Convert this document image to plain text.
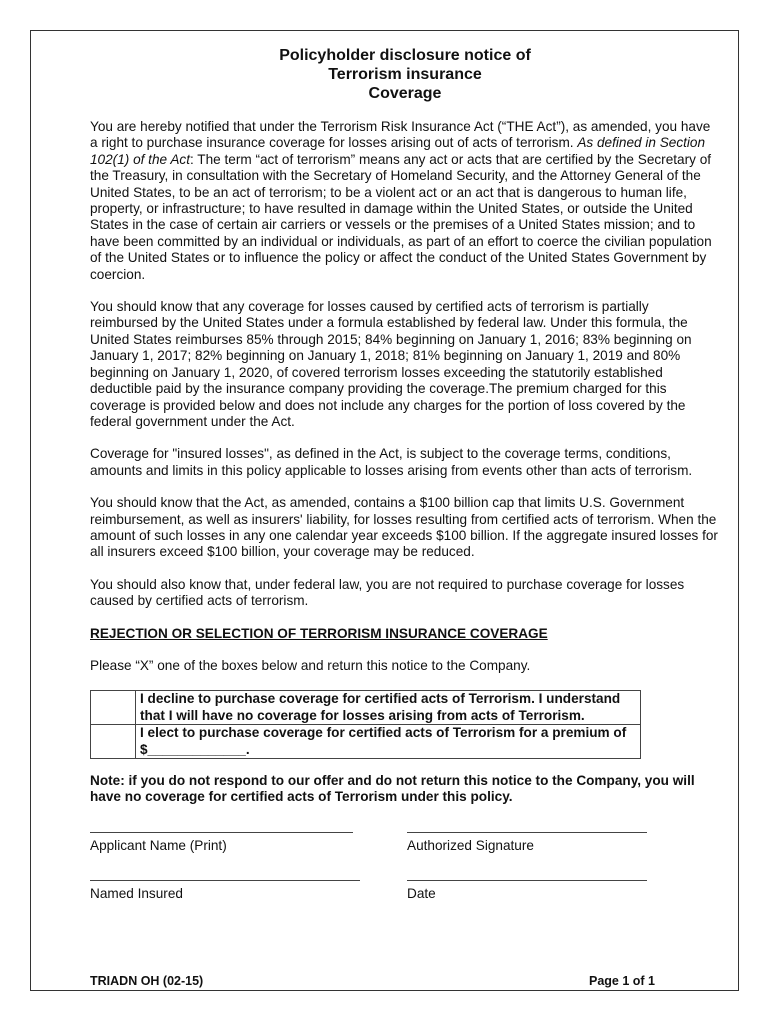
Policyholder disclosure notice of
Terrorism insurance
Coverage

You are hereby notified that under the Terrorism Risk Insurance Act (“THE Act”), as amended, you have a right to purchase insurance coverage for losses arising out of acts of terrorism. As defined in Section 102(1) of the Act: The term “act of terrorism” means any act or acts that are certified by the Secretary of the Treasury, in consultation with the Secretary of Homeland Security, and the Attorney General of the United States, to be an act of terrorism; to be a violent act or an act that is dangerous to human life, property, or infrastructure; to have resulted in damage within the United States, or outside the United States in the case of certain air carriers or vessels or the premises of a United States mission; and to have been committed by an individual or individuals, as part of an effort to coerce the civilian population of the United States or to influence the policy or affect the conduct of the United States Government by coercion.

You should know that any coverage for losses caused by certified acts of terrorism is partially reimbursed by the United States under a formula established by federal law. Under this formula, the United States reimburses 85% through 2015; 84% beginning on January 1, 2016; 83% beginning on January 1, 2017; 82% beginning on January 1, 2018; 81% beginning on January 1, 2019 and 80% beginning on January 1, 2020, of covered terrorism losses exceeding the statutorily established deductible paid by the insurance company providing the coverage.The premium charged for this coverage is provided below and does not include any charges for the portion of loss covered by the federal government under the Act.

Coverage for "insured losses", as defined in the Act, is subject to the coverage terms, conditions, amounts and limits in this policy applicable to losses arising from events other than acts of terrorism.

You should know that the Act, as amended, contains a $100 billion cap that limits U.S. Government reimbursement, as well as insurers' liability, for losses resulting from certified acts of terrorism. When the amount of such losses in any one calendar year exceeds $100 billion. If the aggregate insured losses for all insurers exceed $100 billion, your coverage may be reduced.

You should also know that, under federal law, you are not required to purchase coverage for losses caused by certified acts of terrorism.

REJECTION OR SELECTION OF TERRORISM INSURANCE COVERAGE

Please “X” one of the boxes below and return this notice to the Company.

	I decline to purchase coverage for certified acts of Terrorism. I understand that I will have no coverage for losses arising from acts of Terrorism.
	I elect to purchase coverage for certified acts of Terrorism for a premium of $_____________.
Note: if you do not respond to our offer and do not return this notice to the Company, you will have no coverage for certified acts of Terrorism under this policy.
Applicant Name (Print)	Authorized Signature
Named Insured	Date
TRIADN OH (02-15)	Page 1 of 1
